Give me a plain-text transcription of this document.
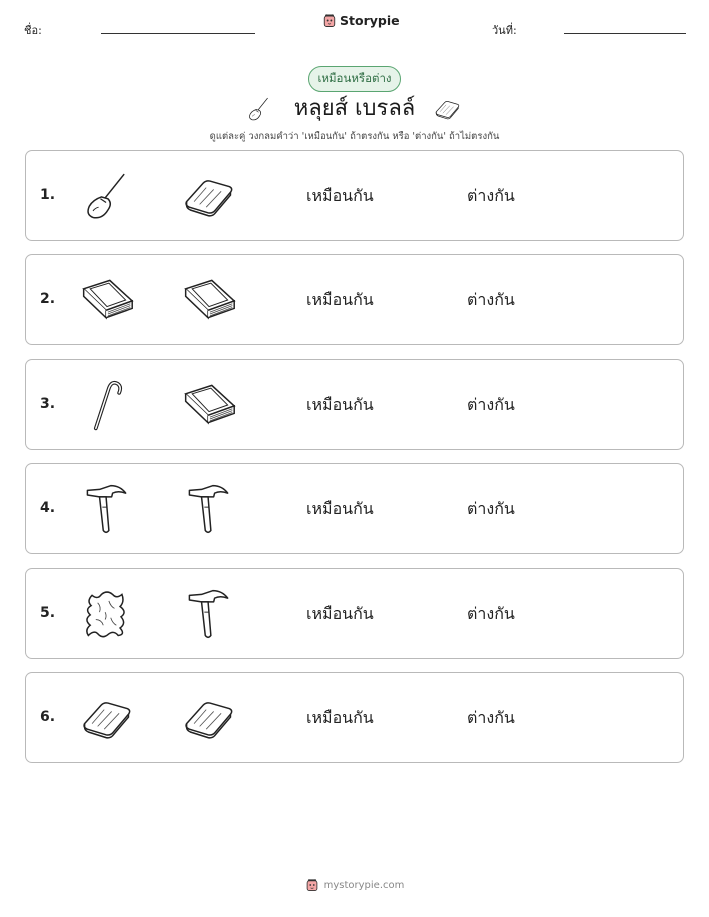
ชื่อ:
Storypie
วันที่:
เหมือนหรือต่าง
หลุยส์ เบรลล์
ดูแต่ละคู่ วงกลมคำว่า 'เหมือนกัน' ถ้าตรงกัน หรือ 'ต่างกัน' ถ้าไม่ตรงกัน
1.	เหมือนกัน	ต่างกัน
2.	เหมือนกัน	ต่างกัน
3.	เหมือนกัน	ต่างกัน
4.	เหมือนกัน	ต่างกัน
5.	เหมือนกัน	ต่างกัน
6.	เหมือนกัน	ต่างกัน
mystorypie.com
